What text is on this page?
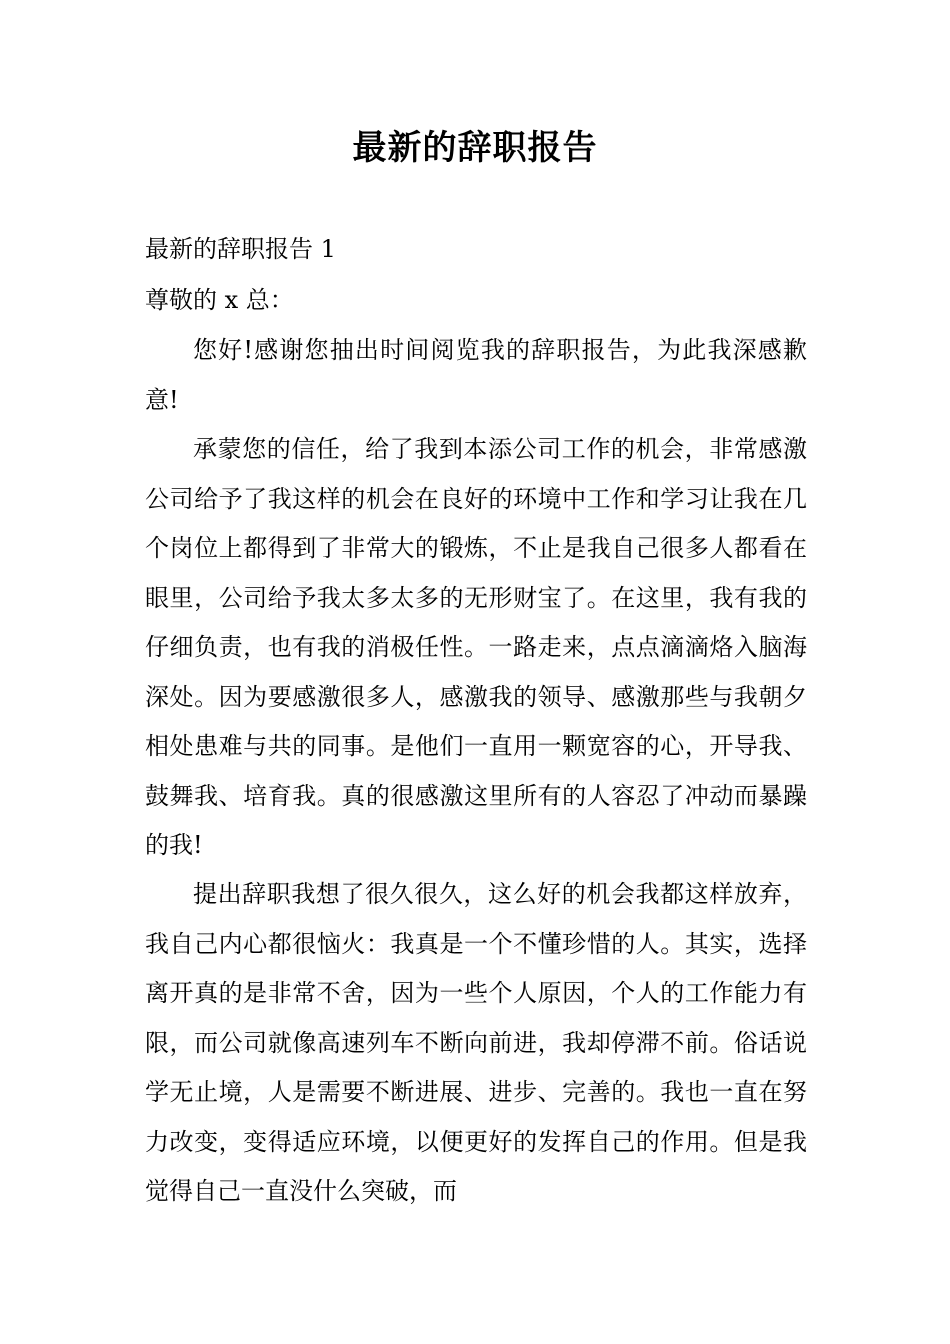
最新的辞职报告
最新的辞职报告 1
尊敬的 x 总：
您好!感谢您抽出时间阅览我的辞职报告，为此我深感歉意!
承蒙您的信任，给了我到本添公司工作的机会，非常感激公司给予了我这样的机会在良好的环境中工作和学习让我在几个岗位上都得到了非常大的锻炼，不止是我自己很多人都看在眼里，公司给予我太多太多的无形财宝了。在这里，我有我的仔细负责，也有我的消极任性。一路走来，点点滴滴烙入脑海深处。因为要感激很多人，感激我的领导、感激那些与我朝夕相处患难与共的同事。是他们一直用一颗宽容的心，开导我、鼓舞我、培育我。真的很感激这里所有的人容忍了冲动而暴躁的我!
提出辞职我想了很久很久，这么好的机会我都这样放弃，我自己内心都很恼火：我真是一个不懂珍惜的人。其实，选择离开真的是非常不舍，因为一些个人原因，个人的工作能力有限，而公司就像高速列车不断向前进，我却停滞不前。俗话说学无止境，人是需要不断进展、进步、完善的。我也一直在努力改变，变得适应环境，以便更好的发挥自己的作用。但是我觉得自己一直没什么突破，而
